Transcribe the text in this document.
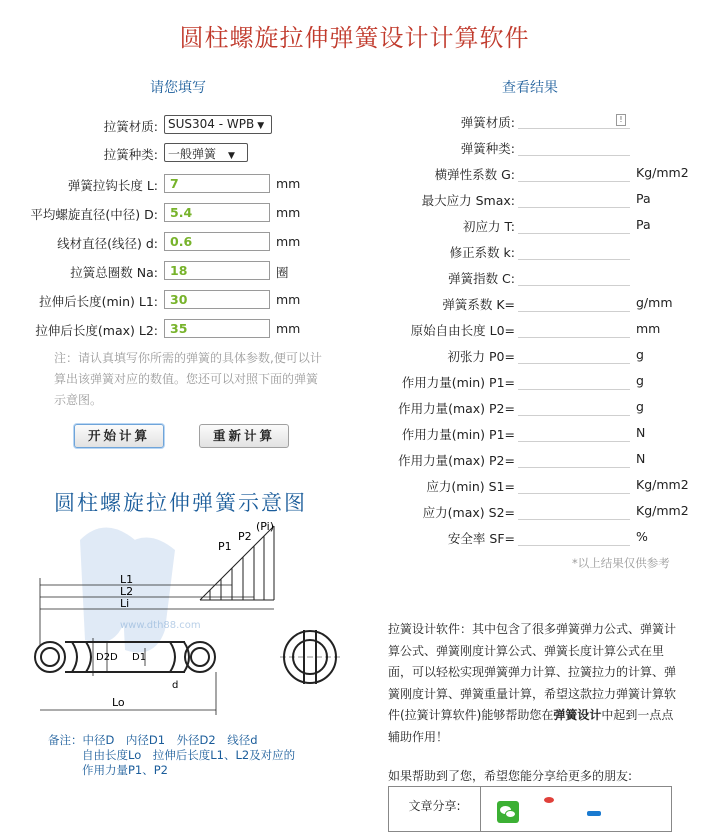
圆柱螺旋拉伸弹簧设计计算软件
请您填写
拉簧材质: SUS304 - WPB ▼
拉簧种类: 一般弹簧 ▼
弹簧拉钩长度 L:
7	mm
平均螺旋直径(中径) D:
5.4	mm
线材直径(线径) d:
0.6	mm
拉簧总圈数 Na:
18	圈
拉伸后长度(min) L1:
30	mm
拉伸后长度(max) L2:
35	mm
注：请认真填写你所需的弹簧的具体参数,便可以计算出该弹簧对应的数值。您还可以对照下面的弹簧示意图。
开始计算	重新计算
圆柱螺旋拉伸弹簧示意图
www.dth88.com
P1
P2
(Pi)
L1
L2
Li
D2 D D1
d
Lo
备注：中径D　内径D1　外径D2　线径d
自由长度Lo　拉伸后长度L1、L2及对应的
作用力量P1、P2
查看结果
弹簧材质:	!
弹簧种类:
横弹性系数 G:	Kg/mm2
最大应力 Smax:	Pa
初应力 T:	Pa
修正系数 k:
弹簧指数 C:
弹簧系数 K=	g/mm
原始自由长度 L0=	mm
初张力 P0=	g
作用力量(min) P1=	g
作用力量(max) P2=	g
作用力量(min) P1=	N
作用力量(max) P2=	N
应力(min) S1=	Kg/mm2
应力(max) S2=	Kg/mm2
安全率 SF=	%
*以上结果仅供参考
拉簧设计软件：其中包含了很多弹簧弹力公式、弹簧计算公式、弹簧刚度计算公式、弹簧长度计算公式在里面，可以轻松实现弹簧弹力计算、拉簧拉力的计算、弹簧刚度计算、弹簧重量计算，希望这款拉力弹簧计算软件(拉簧计算软件)能够帮助您在弹簧设计中起到一点点辅助作用！
如果帮助到了您，希望您能分享给更多的朋友:
文章分享:
